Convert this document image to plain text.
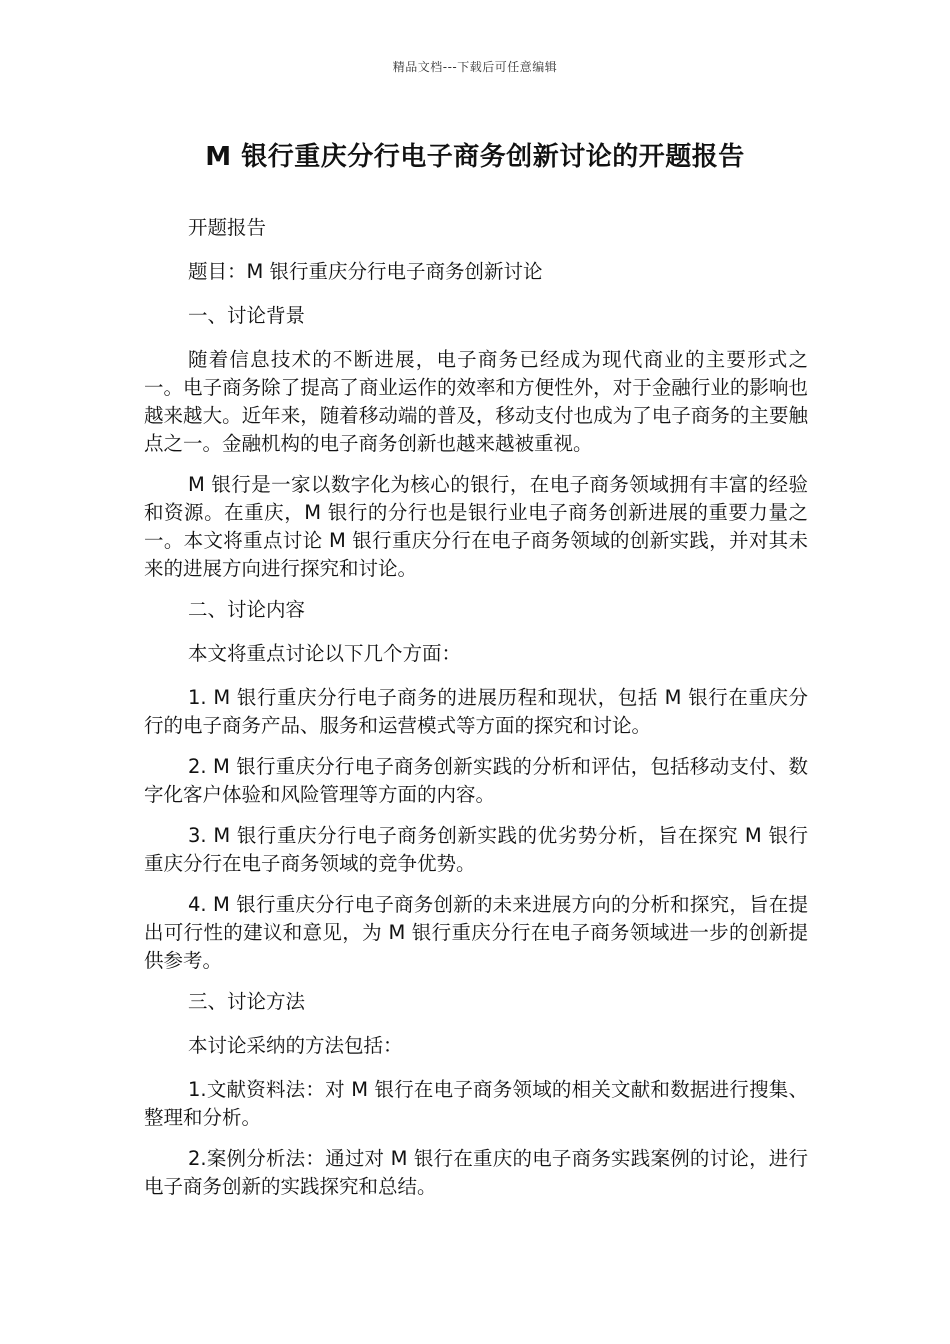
精品文档---下载后可任意编辑
M 银行重庆分行电子商务创新讨论的开题报告

开题报告

题目：M 银行重庆分行电子商务创新讨论

一、讨论背景

随着信息技术的不断进展，电子商务已经成为现代商业的主要形式之一。电子商务除了提高了商业运作的效率和方便性外，对于金融行业的影响也越来越大。近年来，随着移动端的普及，移动支付也成为了电子商务的主要触点之一。金融机构的电子商务创新也越来越被重视。

M 银行是一家以数字化为核心的银行，在电子商务领域拥有丰富的经验和资源。在重庆，M 银行的分行也是银行业电子商务创新进展的重要力量之一。本文将重点讨论 M 银行重庆分行在电子商务领域的创新实践，并对其未来的进展方向进行探究和讨论。

二、讨论内容

本文将重点讨论以下几个方面：

1. M 银行重庆分行电子商务的进展历程和现状，包括 M 银行在重庆分行的电子商务产品、服务和运营模式等方面的探究和讨论。

2. M 银行重庆分行电子商务创新实践的分析和评估，包括移动支付、数字化客户体验和风险管理等方面的内容。

3. M 银行重庆分行电子商务创新实践的优劣势分析，旨在探究 M 银行重庆分行在电子商务领域的竞争优势。

4. M 银行重庆分行电子商务创新的未来进展方向的分析和探究，旨在提出可行性的建议和意见，为 M 银行重庆分行在电子商务领域进一步的创新提供参考。

三、讨论方法

本讨论采纳的方法包括：

1.文献资料法：对 M 银行在电子商务领域的相关文献和数据进行搜集、整理和分析。

2.案例分析法：通过对 M 银行在重庆的电子商务实践案例的讨论，进行电子商务创新的实践探究和总结。
